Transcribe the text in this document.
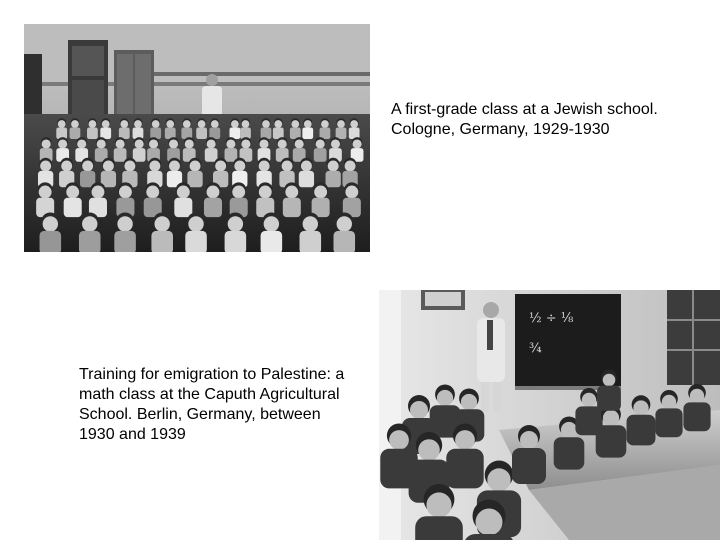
A first-grade class at a Jewish school. Cologne, Germany, 1929-1930
Training for emigration to Palestine: a math class at the Caputh Agricultural School. Berlin, Germany, between 1930 and 1939
½ ÷ ⅛
¾
